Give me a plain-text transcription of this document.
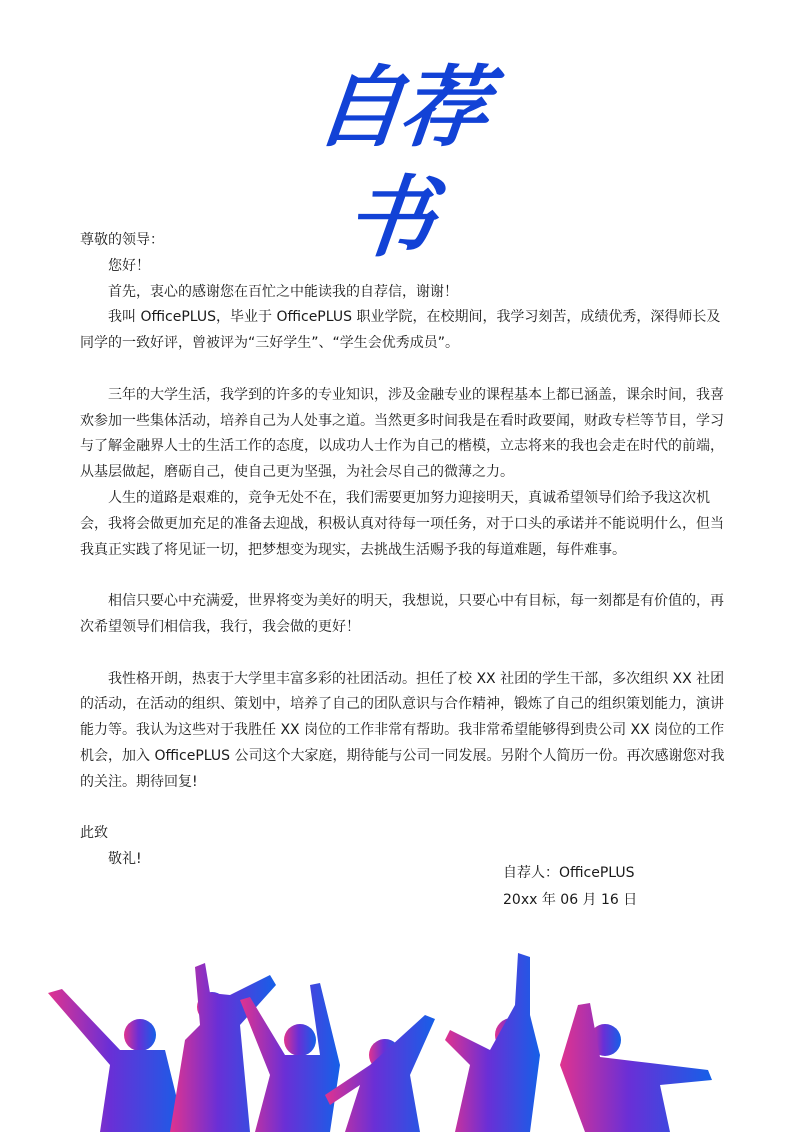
自荐书

尊敬的领导：

您好！

首先，衷心的感谢您在百忙之中能读我的自荐信，谢谢！

我叫 OfficePLUS，毕业于 OfficePLUS 职业学院，在校期间，我学习刻苦，成绩优秀，深得师长及同学的一致好评，曾被评为“三好学生”、“学生会优秀成员”。

三年的大学生活，我学到的许多的专业知识，涉及金融专业的课程基本上都已涵盖，课余时间，我喜欢参加一些集体活动，培养自己为人处事之道。当然更多时间我是在看时政要闻，财政专栏等节目，学习与了解金融界人士的生活工作的态度，以成功人士作为自己的楷模，立志将来的我也会走在时代的前端，从基层做起，磨砺自己，使自己更为坚强，为社会尽自己的微薄之力。

人生的道路是艰难的，竞争无处不在，我们需要更加努力迎接明天，真诚希望领导们给予我这次机会，我将会做更加充足的准备去迎战，积极认真对待每一项任务，对于口头的承诺并不能说明什么，但当我真正实践了将见证一切，把梦想变为现实，去挑战生活赐予我的每道难题，每件难事。

相信只要心中充满爱，世界将变为美好的明天，我想说，只要心中有目标，每一刻都是有价值的，再次希望领导们相信我，我行，我会做的更好！

我性格开朗，热衷于大学里丰富多彩的社团活动。担任了校 XX 社团的学生干部，多次组织 XX 社团的活动，在活动的组织、策划中，培养了自己的团队意识与合作精神，锻炼了自己的组织策划能力，演讲能力等。我认为这些对于我胜任 XX 岗位的工作非常有帮助。我非常希望能够得到贵公司 XX 岗位的工作机会，加入 OfficePLUS 公司这个大家庭，期待能与公司一同发展。另附个人简历一份。再次感谢您对我的关注。期待回复!

此致

敬礼!

自荐人：OfficePLUS
20xx 年 06 月 16 日
